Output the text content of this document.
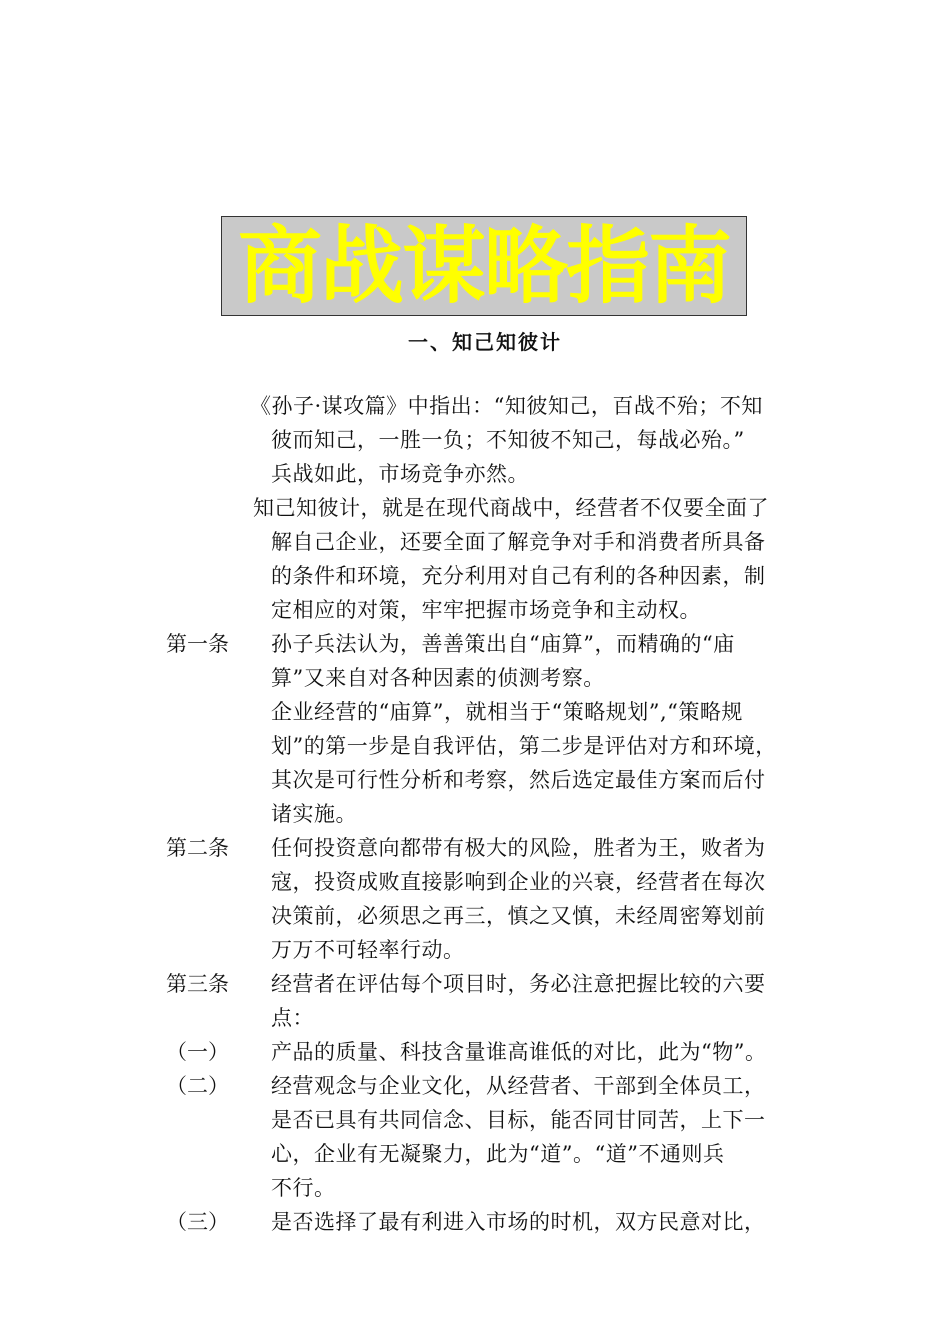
商战谋略指南
一、知己知彼计
《孙子·谋攻篇》中指出：“知彼知己，百战不殆；不知
彼而知己，一胜一负；不知彼不知己，每战必殆。”
兵战如此，市场竞争亦然。
知己知彼计，就是在现代商战中，经营者不仅要全面了
解自己企业，还要全面了解竞争对手和消费者所具备
的条件和环境，充分利用对自己有利的各种因素，制
定相应的对策，牢牢把握市场竞争和主动权。
第一条 孙子兵法认为，善善策出自“庙算”，而精确的“庙
算”又来自对各种因素的侦测考察。
企业经营的“庙算”，就相当于“策略规划”,“策略规
划”的第一步是自我评估，第二步是评估对方和环境，
其次是可行性分析和考察，然后选定最佳方案而后付
诸实施。
第二条 任何投资意向都带有极大的风险，胜者为王，败者为
寇，投资成败直接影响到企业的兴衰，经营者在每次
决策前，必须思之再三，慎之又慎，未经周密筹划前
万万不可轻率行动。
第三条 经营者在评估每个项目时，务必注意把握比较的六要
点：
（一） 产品的质量、科技含量谁高谁低的对比，此为“物”。
（二） 经营观念与企业文化，从经营者、干部到全体员工，
是否已具有共同信念、目标，能否同甘同苦，上下一
心，企业有无凝聚力，此为“道”。“道”不通则兵
不行。
（三） 是否选择了最有利进入市场的时机，双方民意对比，
